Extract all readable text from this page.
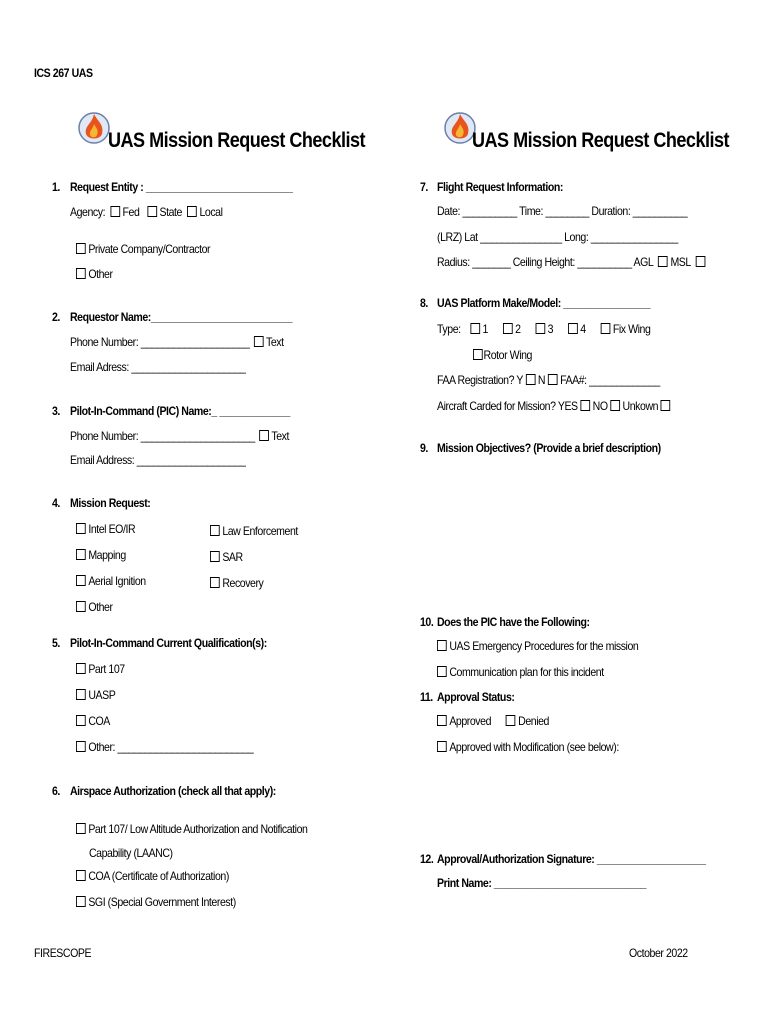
ICS 267 UAS
UAS Mission Request Checklist	UAS Mission Request Checklist
1. Request Entity : ___________________________
Agency: Fed State Local
Private Company/Contractor
Other
2. Requestor Name:__________________________
Phone Number: ____________________ Text
Email Adress: _____________________
3. Pilot-In-Command (PIC) Name:_ _____________
Phone Number: _____________________ Text
Email Address: ____________________
4. Mission Request:
Intel EO/IR
Mapping
Aerial Ignition
Other
Law Enforcement
SAR
Recovery
5. Pilot-In-Command Current Qualification(s):
Part 107
UASP
COA
Other: _________________________
6. Airspace Authorization (check all that apply):
Part 107/ Low Altitude Authorization and Notification
Capability (LAANC)
COA (Certificate of Authorization)
SGI (Special Government Interest)
7. Flight Request Information:
Date: __________ Time: ________ Duration: __________
(LRZ) Lat _______________ Long: ________________
Radius: _______ Ceiling Height: __________ AGL MSL
8. UAS Platform Make/Model: ________________
Type: 1 2 3 4 Fix Wing
Rotor Wing
FAA Registration? Y N FAA#: _____________
Aircraft Carded for Mission? YES NO Unkown
9. Mission Objectives? (Provide a brief description)
10. Does the PIC have the Following:
UAS Emergency Procedures for the mission
Communication plan for this incident
11. Approval Status:
Approved Denied
Approved with Modification (see below):
12. Approval/Authorization Signature: ____________________
Print Name: ____________________________
FIRESCOPE	October 2022
